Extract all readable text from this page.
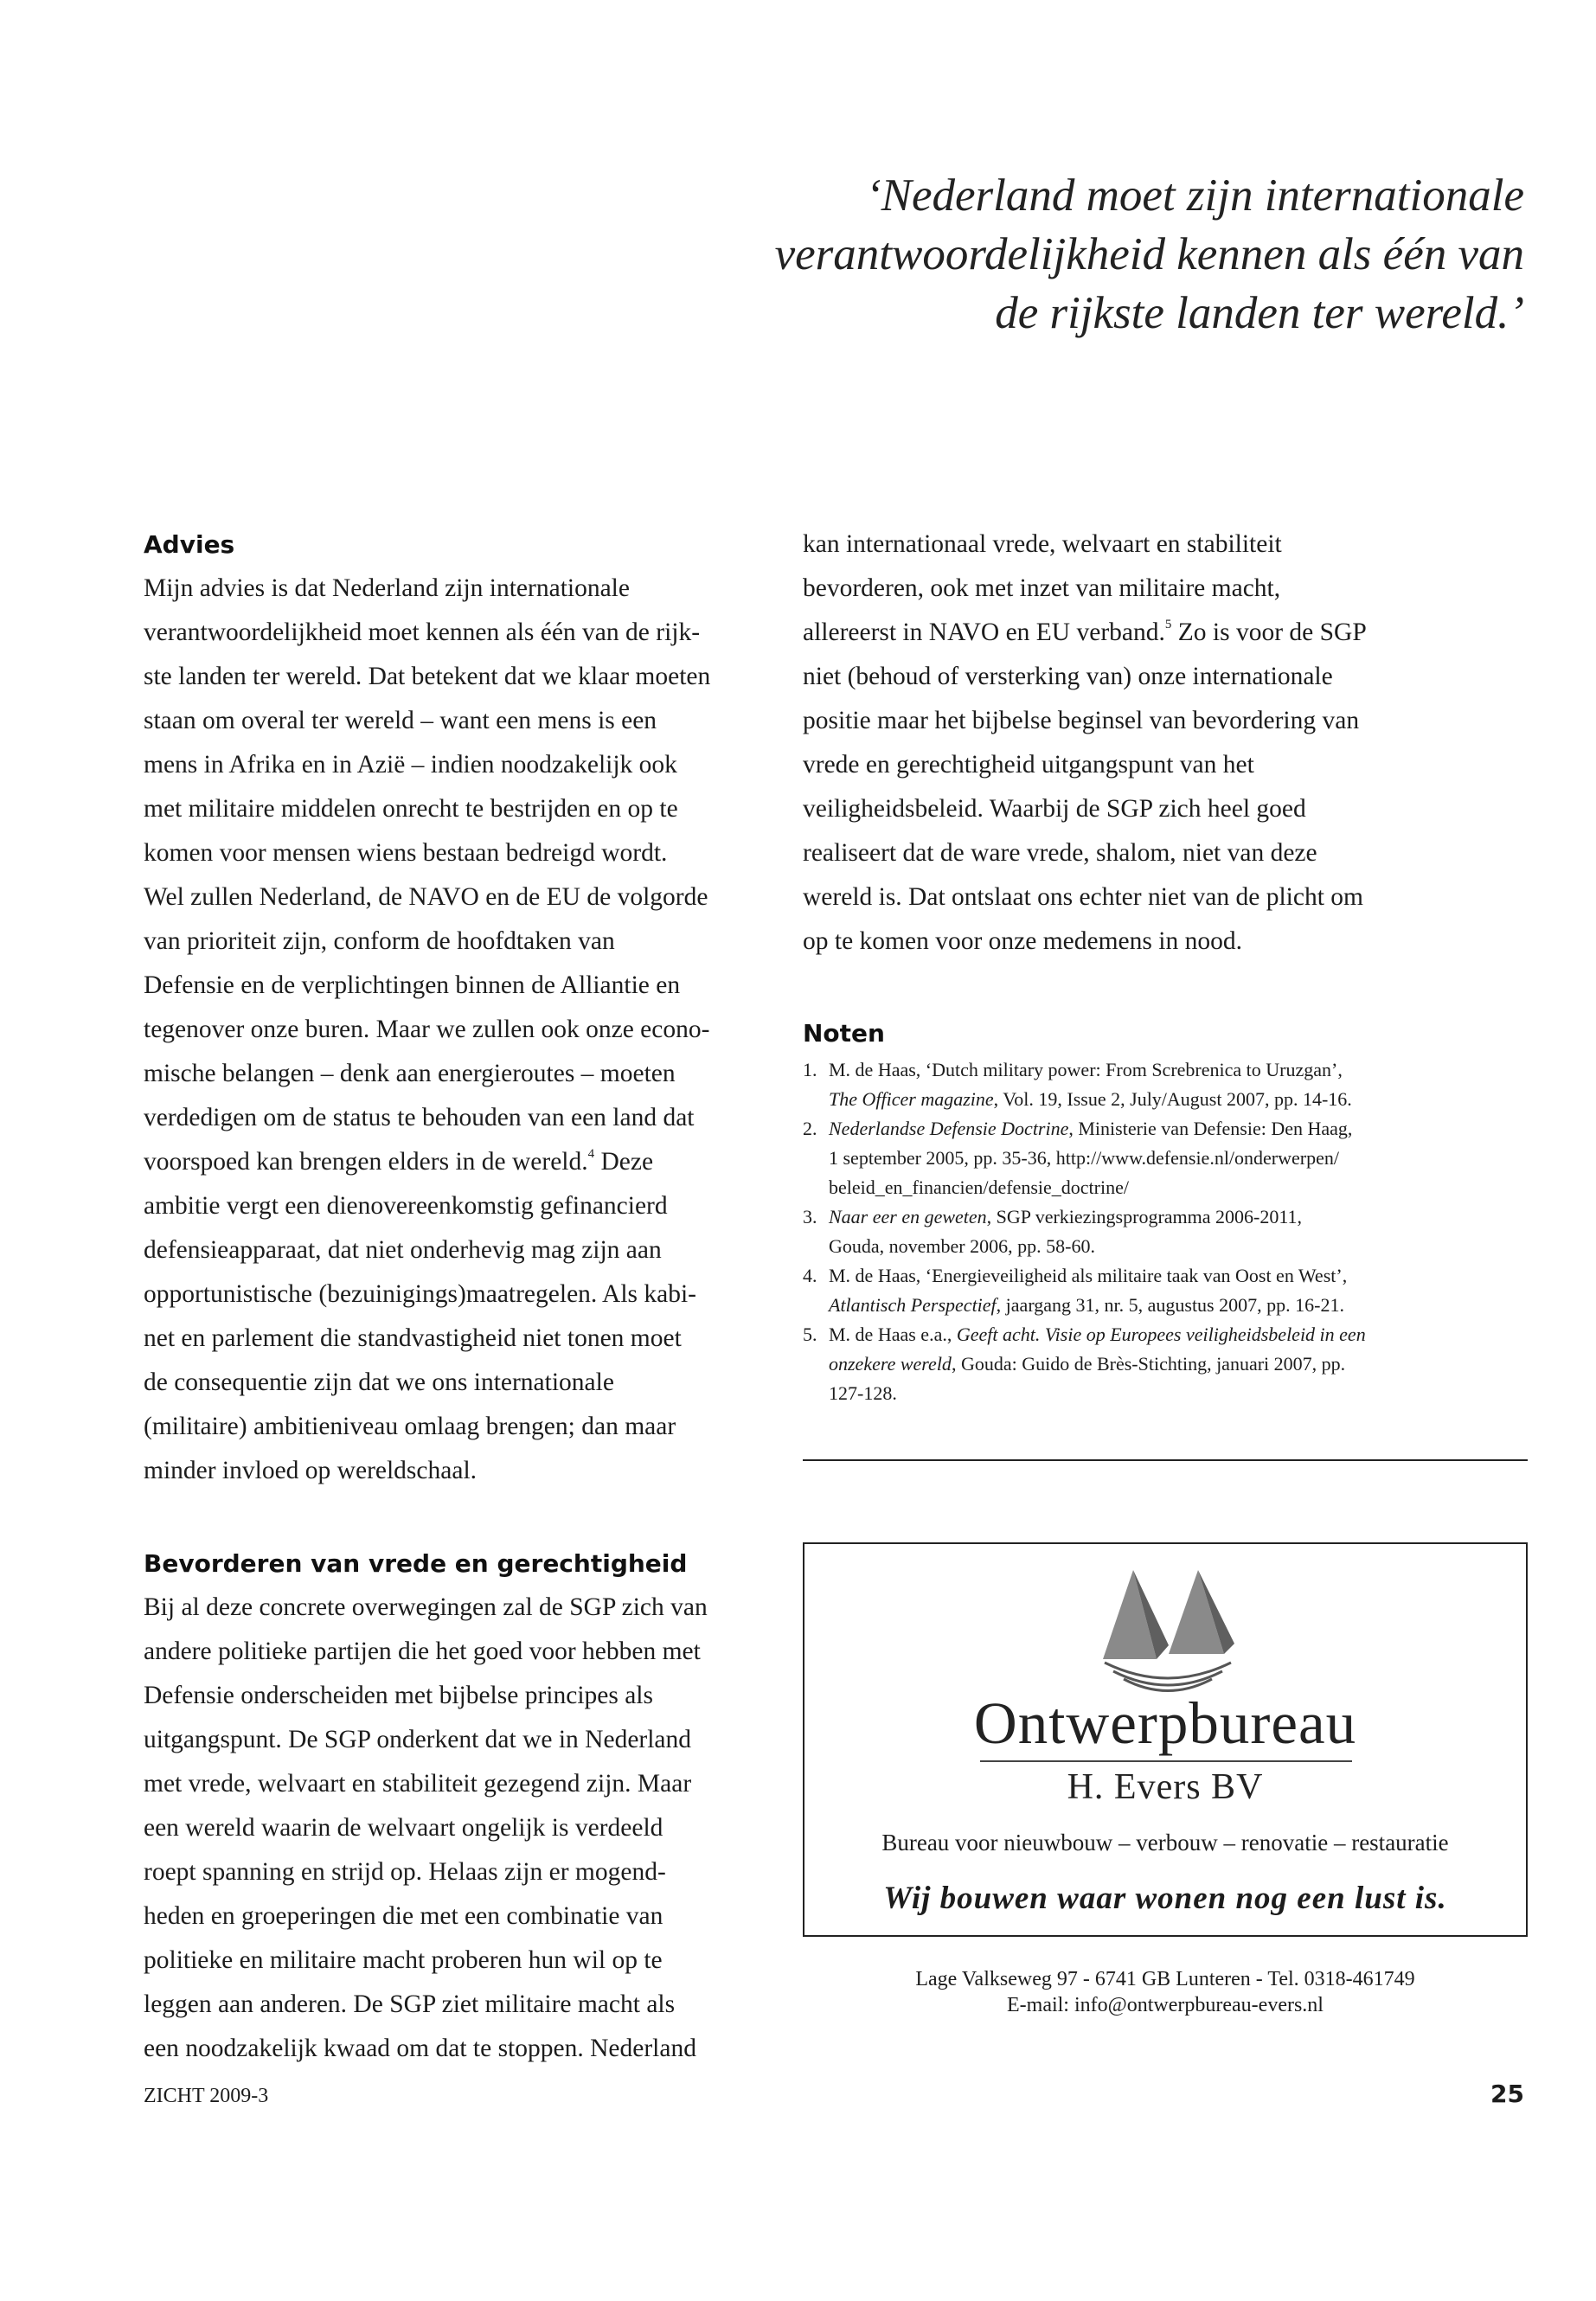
‘Nederland moet zijn internationale
verantwoordelijkheid kennen als één van
de rijkste landen ter wereld.’
Advies
Mijn advies is dat Nederland zijn internationale
verantwoordelijkheid moet kennen als één van de rijk-
ste landen ter wereld. Dat betekent dat we klaar moeten
staan om overal ter wereld – want een mens is een
mens in Afrika en in Azië – indien noodzakelijk ook
met militaire middelen onrecht te bestrijden en op te
komen voor mensen wiens bestaan bedreigd wordt.
Wel zullen Nederland, de NAVO en de EU de volgorde
van prioriteit zijn, conform de hoofdtaken van
Defensie en de verplichtingen binnen de Alliantie en
tegenover onze buren. Maar we zullen ook onze econo-
mische belangen – denk aan energieroutes – moeten
verdedigen om de status te behouden van een land dat
voorspoed kan brengen elders in de wereld.$^4$ Deze
ambitie vergt een dienovereenkomstig gefinancierd
defensieapparaat, dat niet onderhevig mag zijn aan
opportunistische (bezuinigings)maatregelen. Als kabi-
net en parlement die standvastigheid niet tonen moet
de consequentie zijn dat we ons internationale
(militaire) ambitieniveau omlaag brengen; dan maar
minder invloed op wereldschaal.
Bevorderen van vrede en gerechtigheid
Bij al deze concrete overwegingen zal de SGP zich van
andere politieke partijen die het goed voor hebben met
Defensie onderscheiden met bijbelse principes als
uitgangspunt. De SGP onderkent dat we in Nederland
met vrede, welvaart en stabiliteit gezegend zijn. Maar
een wereld waarin de welvaart ongelijk is verdeeld
roept spanning en strijd op. Helaas zijn er mogend-
heden en groeperingen die met een combinatie van
politieke en militaire macht proberen hun wil op te
leggen aan anderen. De SGP ziet militaire macht als
een noodzakelijk kwaad om dat te stoppen. Nederland
kan internationaal vrede, welvaart en stabiliteit
bevorderen, ook met inzet van militaire macht,
allereerst in NAVO en EU verband.$^5$ Zo is voor de SGP
niet (behoud of versterking van) onze internationale
positie maar het bijbelse beginsel van bevordering van
vrede en gerechtigheid uitgangspunt van het
veiligheidsbeleid. Waarbij de SGP zich heel goed
realiseert dat de ware vrede, shalom, niet van deze
wereld is. Dat ontslaat ons echter niet van de plicht om
op te komen voor onze medemens in nood.
Noten
1. M. de Haas, ‘Dutch military power: From Screbrenica to Uruzgan’,
The Officer magazine, Vol. 19, Issue 2, July/August 2007, pp. 14-16.
2. Nederlandse Defensie Doctrine, Ministerie van Defensie: Den Haag,
1 september 2005, pp. 35-36, http://www.defensie.nl/onderwerpen/
beleid_en_financien/defensie_doctrine/
3. Naar eer en geweten, SGP verkiezingsprogramma 2006-2011,
Gouda, november 2006, pp. 58-60.
4. M. de Haas, ‘Energieveiligheid als militaire taak van Oost en West’,
Atlantisch Perspectief, jaargang 31, nr. 5, augustus 2007, pp. 16-21.
5. M. de Haas e.a., Geeft acht. Visie op Europees veiligheidsbeleid in een
onzekere wereld, Gouda: Guido de Brès-Stichting, januari 2007, pp.
127-128.
Ontwerpbureau
H. Evers BV
Bureau voor nieuwbouw – verbouw – renovatie – restauratie
Wij bouwen waar wonen nog een lust is.
Lage Valkseweg 97 - 6741 GB Lunteren - Tel. 0318-461749
E-mail: info@ontwerpbureau-evers.nl
ZICHT 2009-3	25
